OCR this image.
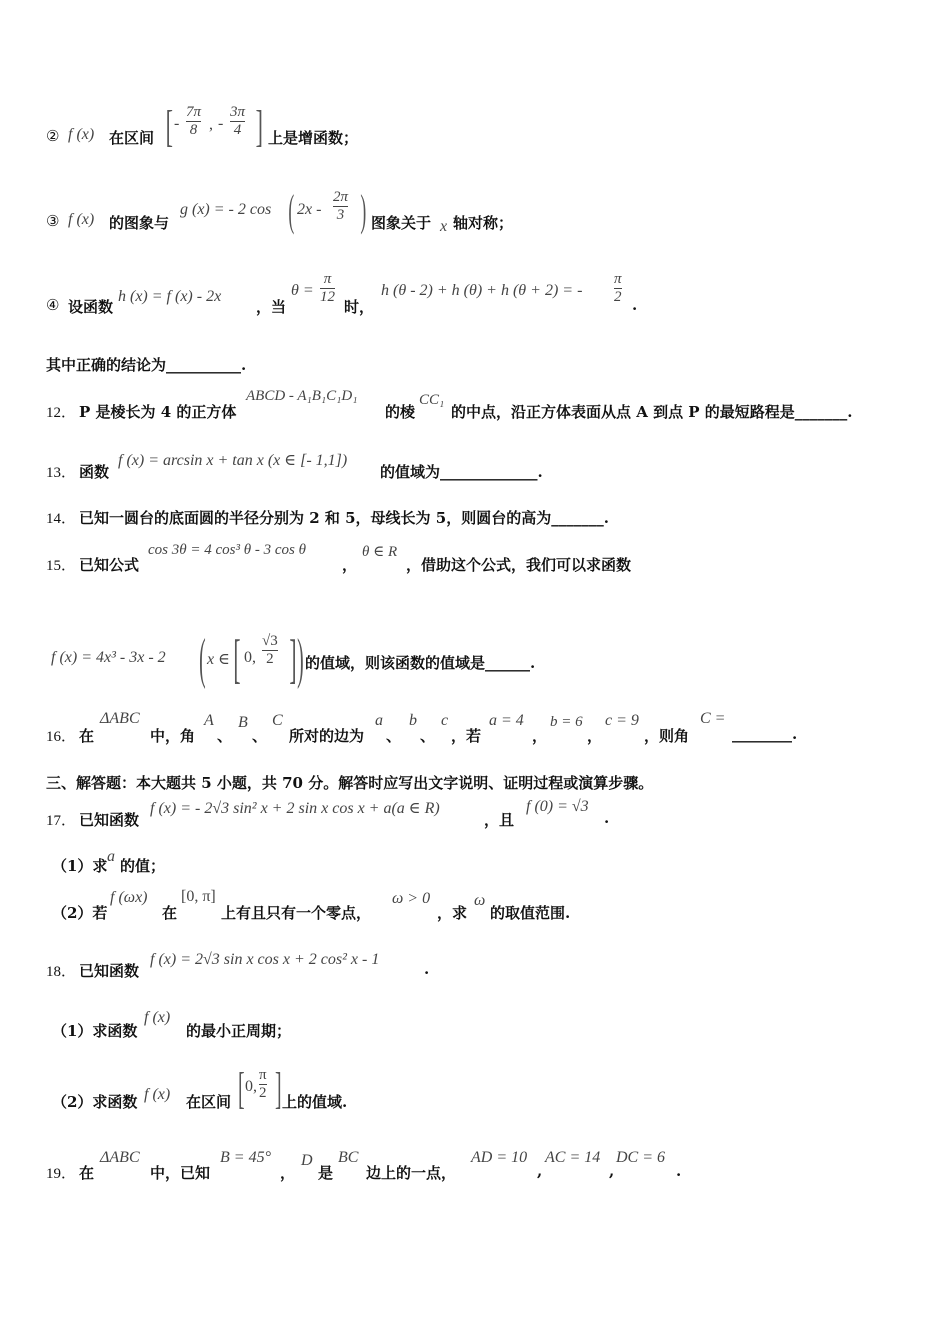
② f (x) 在区间 [ -
7π
8 , -
3π
4 ] 上是增函数；
③ f (x) 的图象与
g (x) = - 2 cos ( 2x -
2π
3 ) 图象关于 x 轴对称；
④ 设函数
h (x) = f (x) - 2x
，当
θ =
π
12
时，
h (θ - 2) + h (θ) + h (θ + 2) = -
π
2 .
其中正确的结论为__________.
12． P 是棱长为 4 的正方体
ABCD - A₁B₁C₁D₁
的棱
CC₁
的中点，沿正方体表面从点 A 到点 P 的最短路程是_______.
13． 函数
f (x) = arcsin x + tan x (x ∈ [- 1,1])
的值域为_____________.
14． 已知一圆台的底面圆的半径分别为 2 和 5，母线长为 5，则圆台的高为_______.
15． 已知公式
cos 3θ = 4 cos³ θ - 3 cos θ
，
θ ∈ R
，借助这个公式，我们可以求函数
f (x) = 4x³ - 3x - 2 ( x ∈ [ 0,
√3
2 ] ) 的值域，则该函数的值域是______.
16． 在
ΔABC
中，角
A
、
B
、
C
所对的边为
a
、
b
、
c
，若
a = 4
，
b = 6
，
c = 9
，则角
C =
________.
三、解答题：本大题共 5 小题，共 70 分。解答时应写出文字说明、证明过程或演算步骤。
17． 已知函数
f (x) = - 2√3 sin² x + 2 sin x cos x + a(a ∈ R)
，且
f (0) = √3
.
（1）求
a
的值；
（2）若
f (ωx)
在
[0, π]
上有且只有一个零点，
ω > 0
，求
ω
的取值范围.
18． 已知函数
f (x) = 2√3 sin x cos x + 2 cos² x - 1
.
（1）求函数
f (x)
的最小正周期；
（2）求函数 f (x) 在区间 [ 0,
π
2 ] 上的值域.
19． 在
ΔABC
中，已知
B = 45°
，
D
是
BC
边上的一点，
AD = 10
,
AC = 14
,
DC = 6
.
